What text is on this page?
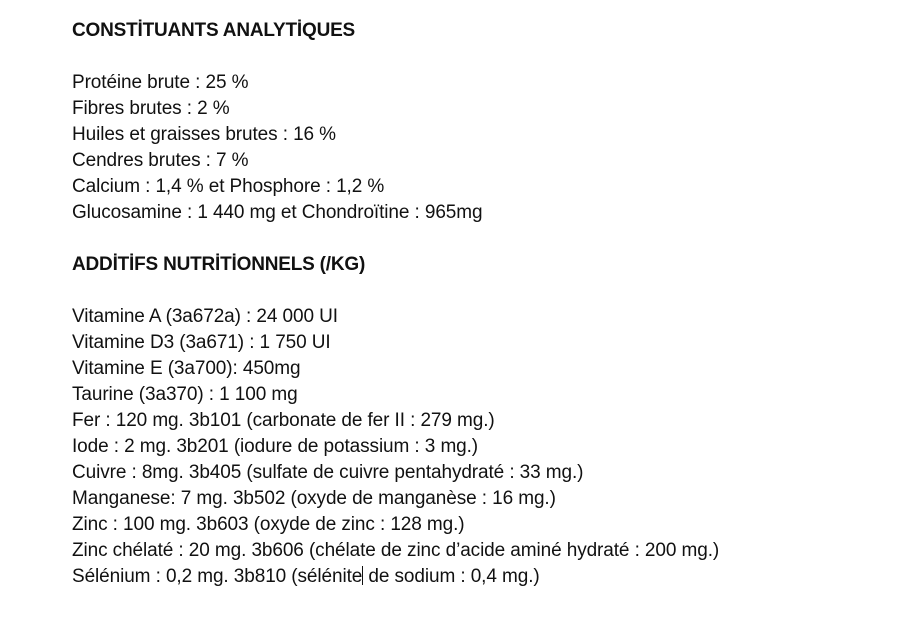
CONSTİTUANTS ANALYTİQUES
Protéine brute : 25 %
Fibres brutes : 2 %
Huiles et graisses brutes : 16 %
Cendres brutes : 7 %
Calcium : 1,4 % et Phosphore : 1,2 %
Glucosamine : 1 440 mg et Chondroïtine : 965mg
ADDİTİFS NUTRİTİONNELS (/KG)
Vitamine A (3a672a) : 24 000 UI
Vitamine D3 (3a671) : 1 750 UI
Vitamine E (3a700): 450mg
Taurine (3a370) : 1 100 mg
Fer : 120 mg. 3b101 (carbonate de fer II : 279 mg.)
Iode : 2 mg. 3b201 (iodure de potassium : 3 mg.)
Cuivre : 8mg. 3b405 (sulfate de cuivre pentahydraté : 33 mg.)
Manganese: 7 mg. 3b502 (oxyde de manganèse : 16 mg.)
Zinc : 100 mg. 3b603 (oxyde de zinc : 128 mg.)
Zinc chélaté : 20 mg. 3b606 (chélate de zinc d’acide aminé hydraté : 200 mg.)
Sélénium : 0,2 mg. 3b810 (sélénite de sodium : 0,4 mg.)
